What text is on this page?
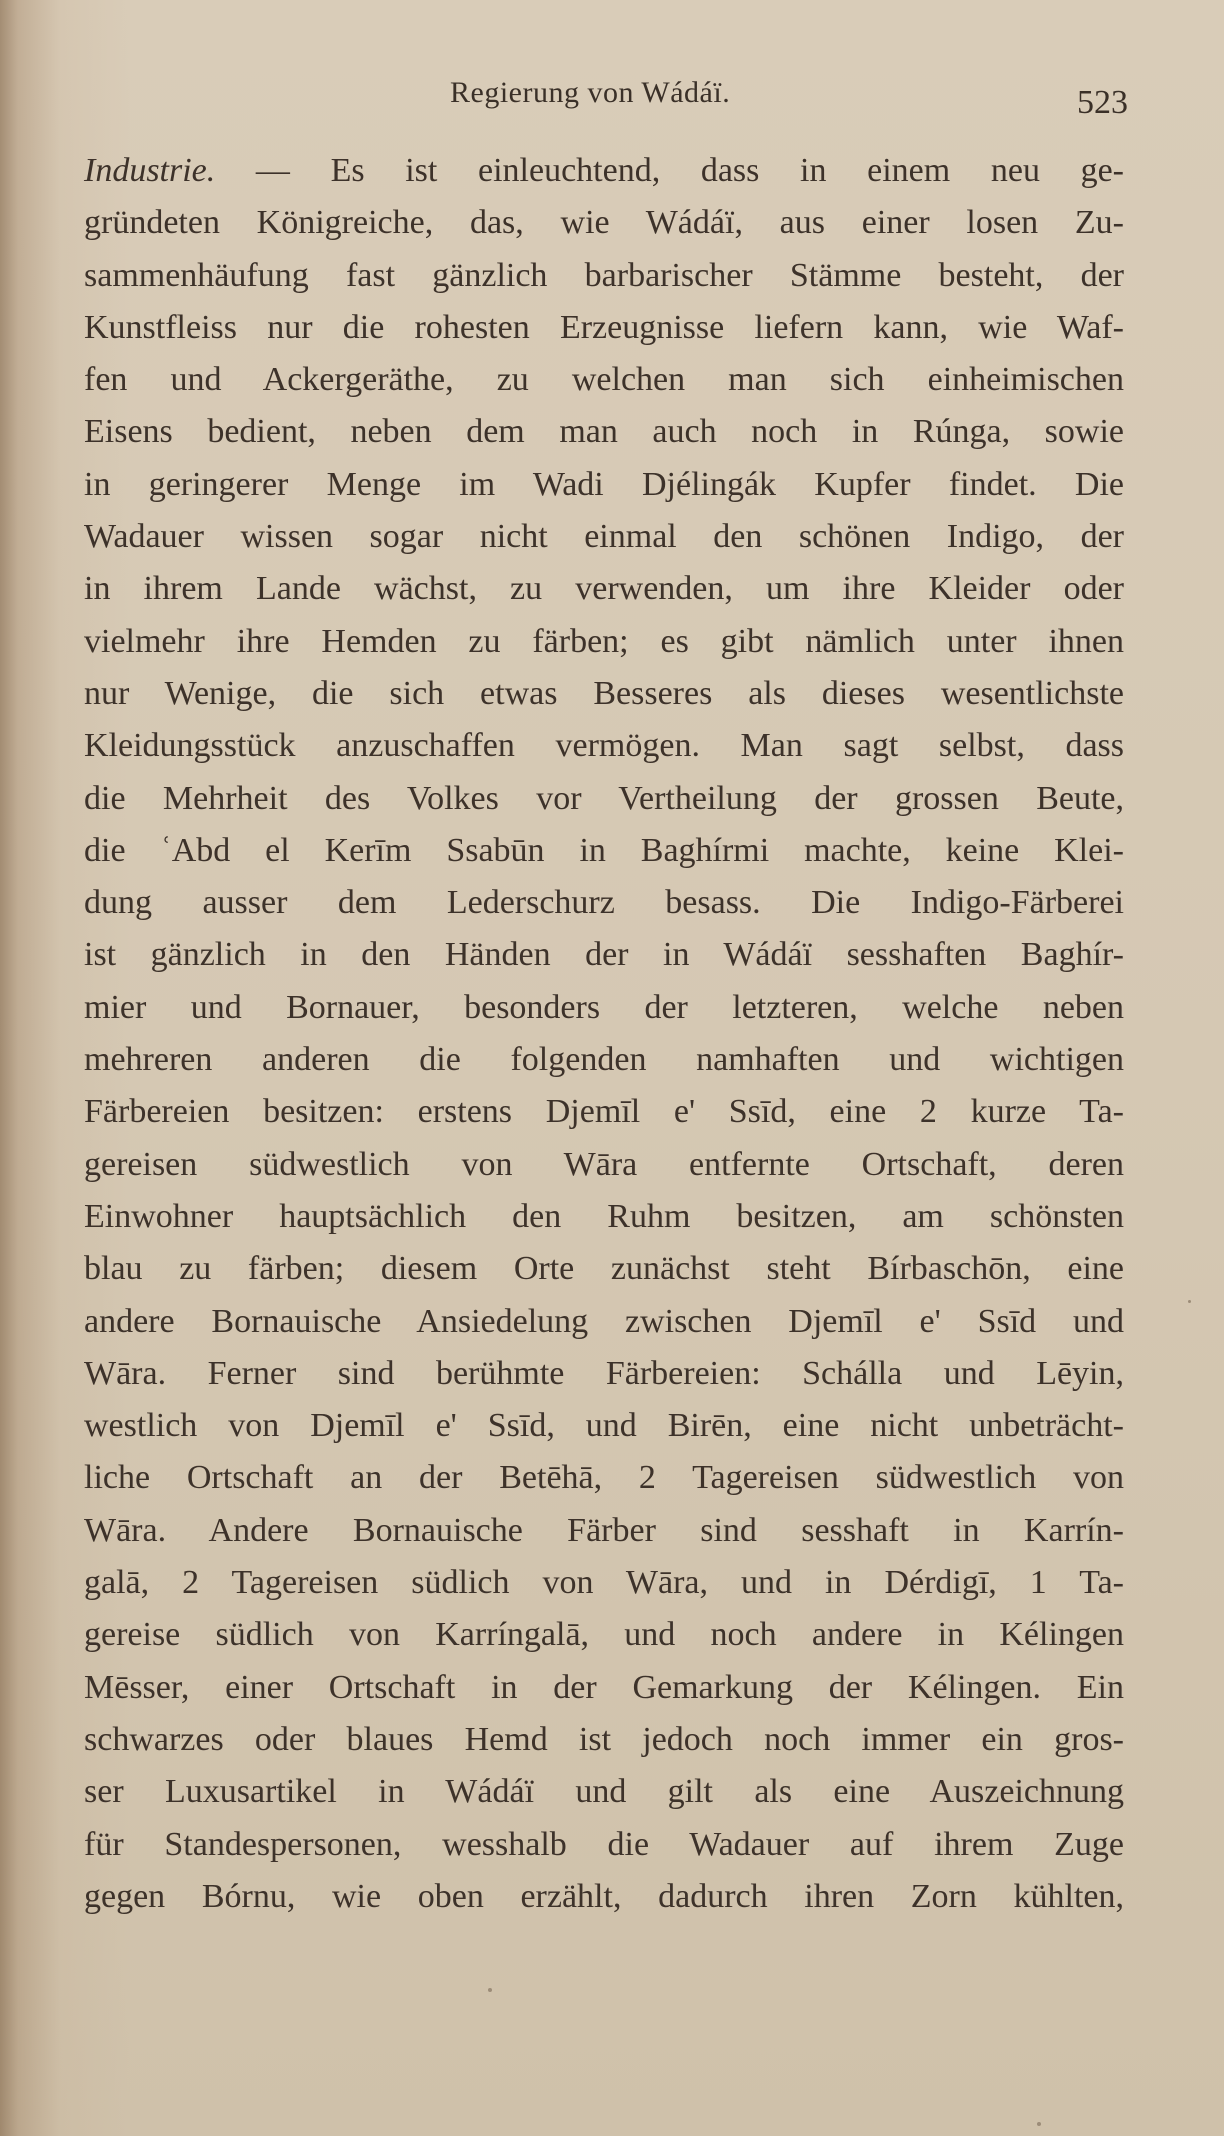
Regierung von Wádáï.	523
Industrie. — Es ist einleuchtend, dass in einem neu ge-
gründeten Königreiche, das, wie Wádáï, aus einer losen Zu-
sammenhäufung fast gänzlich barbarischer Stämme besteht, der
Kunstfleiss nur die rohesten Erzeugnisse liefern kann, wie Waf-
fen und Ackergeräthe, zu welchen man sich einheimischen
Eisens bedient, neben dem man auch noch in Rúnga, sowie
in geringerer Menge im Wadi Djélingák Kupfer findet. Die
Wadauer wissen sogar nicht einmal den schönen Indigo, der
in ihrem Lande wächst, zu verwenden, um ihre Kleider oder
vielmehr ihre Hemden zu färben; es gibt nämlich unter ihnen
nur Wenige, die sich etwas Besseres als dieses wesentlichste
Kleidungsstück anzuschaffen vermögen. Man sagt selbst, dass
die Mehrheit des Volkes vor Vertheilung der grossen Beute,
die ʿAbd el Kerīm Ssabūn in Baghírmi machte, keine Klei-
dung ausser dem Lederschurz besass. Die Indigo-Färberei
ist gänzlich in den Händen der in Wádáï sesshaften Baghír-
mier und Bornauer, besonders der letzteren, welche neben
mehreren anderen die folgenden namhaften und wichtigen
Färbereien besitzen: erstens Djemīl e' Ssīd, eine 2 kurze Ta-
gereisen südwestlich von Wāra entfernte Ortschaft, deren
Einwohner hauptsächlich den Ruhm besitzen, am schönsten
blau zu färben; diesem Orte zunächst steht Bírbaschōn, eine
andere Bornauische Ansiedelung zwischen Djemīl e' Ssīd und
Wāra. Ferner sind berühmte Färbereien: Schálla und Lēyin,
westlich von Djemīl e' Ssīd, und Birēn, eine nicht unbeträcht-
liche Ortschaft an der Betēhā, 2 Tagereisen südwestlich von
Wāra. Andere Bornauische Färber sind sesshaft in Karrín-
galā, 2 Tagereisen südlich von Wāra, und in Dérdigī, 1 Ta-
gereise südlich von Karríngalā, und noch andere in Kélingen
Mēsser, einer Ortschaft in der Gemarkung der Kélingen. Ein
schwarzes oder blaues Hemd ist jedoch noch immer ein gros-
ser Luxusartikel in Wádáï und gilt als eine Auszeichnung
für Standespersonen, wesshalb die Wadauer auf ihrem Zuge
gegen Bórnu, wie oben erzählt, dadurch ihren Zorn kühlten,
